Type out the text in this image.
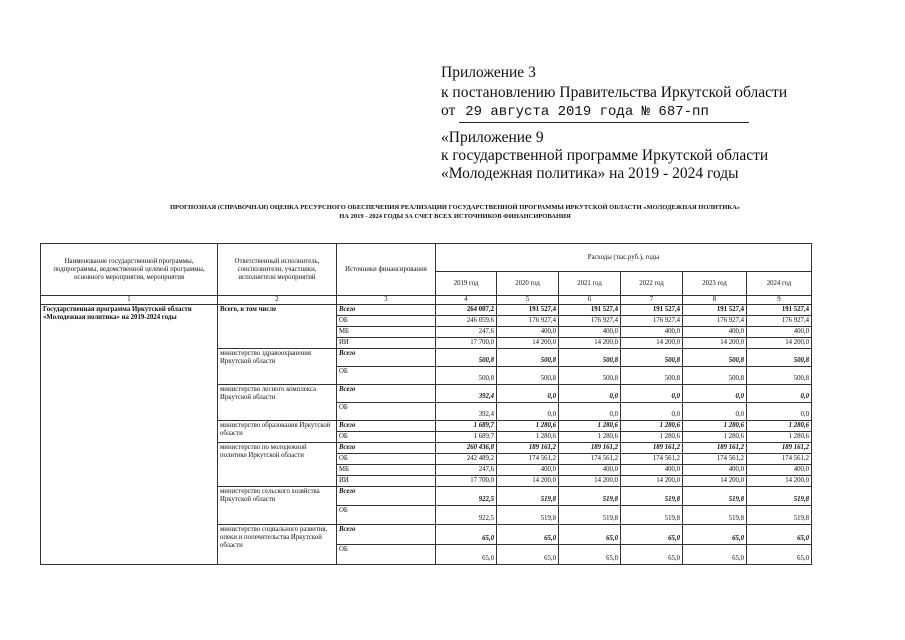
Приложение 3
к постановлению Правительства Иркутской области
от 29 августа 2019 года № 687-пп
«Приложение 9
к государственной программе Иркутской области
«Молодежная политика» на 2019 - 2024 годы
ПРОГНОЗНАЯ (СПРАВОЧНАЯ) ОЦЕНКА РЕСУРСНОГО ОБЕСПЕЧЕНИЯ РЕАЛИЗАЦИИ ГОСУДАРСТВЕННОЙ ПРОГРАММЫ ИРКУТСКОЙ ОБЛАСТИ «МОЛОДЕЖНАЯ ПОЛИТИКА»
НА 2019 - 2024 ГОДЫ ЗА СЧЕТ ВСЕХ ИСТОЧНИКОВ ФИНАНСИРОВАНИЯ
Наименование государственной программы, подпрограммы, ведомственной целевой программы, основного мероприятия, мероприятия	Ответственный исполнитель, соисполнители, участники, исполнители мероприятий	Источники финансирования	Расходы (тыс.руб.), годы					
			2019 год	2020 год	2021 год	2022 год	2023 год	2024 год
1	2	3	4	5	6	7	8	9
Государственная программа Иркутской области «Молодежная политика» на 2019-2024 годы	Всего, в том числе	Всего	264 007,2	191 527,4	191 527,4	191 527,4	191 527,4	191 527,4
		ОБ	246 059,6	176 927,4	176 927,4	176 927,4	176 927,4	176 927,4
		МБ	247,6	400,0	400,0	400,0	400,0	400,0
		ИИ	17 700,0	14 200,0	14 200,0	14 200,0	14 200,0	14 200,0
	министерство здравоохранения Иркутской области	Всего	500,8	500,8	500,8	500,8	500,8	500,8
		ОБ	500,8	500,8	500,8	500,8	500,8	500,8
	министерство лесного комплекса Иркутской области	Всего	392,4	0,0	0,0	0,0	0,0	0,0
		ОБ	392,4	0,0	0,0	0,0	0,0	0,0
	министерство образования Иркутской области	Всего	1 689,7	1 280,6	1 280,6	1 280,6	1 280,6	1 280,6
		ОБ	1 689,7	1 280,6	1 280,6	1 280,6	1 280,6	1 280,6
	министерство по молодежной политике Иркутской области	Всего	260 436,8	189 161,2	189 161,2	189 161,2	189 161,2	189 161,2
		ОБ	242 489,2	174 561,2	174 561,2	174 561,2	174 561,2	174 561,2
		МБ	247,6	400,0	400,0	400,0	400,0	400,0
		ИИ	17 700,0	14 200,0	14 200,0	14 200,0	14 200,0	14 200,0
	министерство сельского хозяйства Иркутской области	Всего	922,5	519,8	519,8	519,8	519,8	519,8
		ОБ	922,5	519,8	519,8	519,8	519,8	519,8
	министерство социального развития, опеки и попечительства Иркутской области	Всего	65,0	65,0	65,0	65,0	65,0	65,0
		ОБ	65,0	65,0	65,0	65,0	65,0	65,0
